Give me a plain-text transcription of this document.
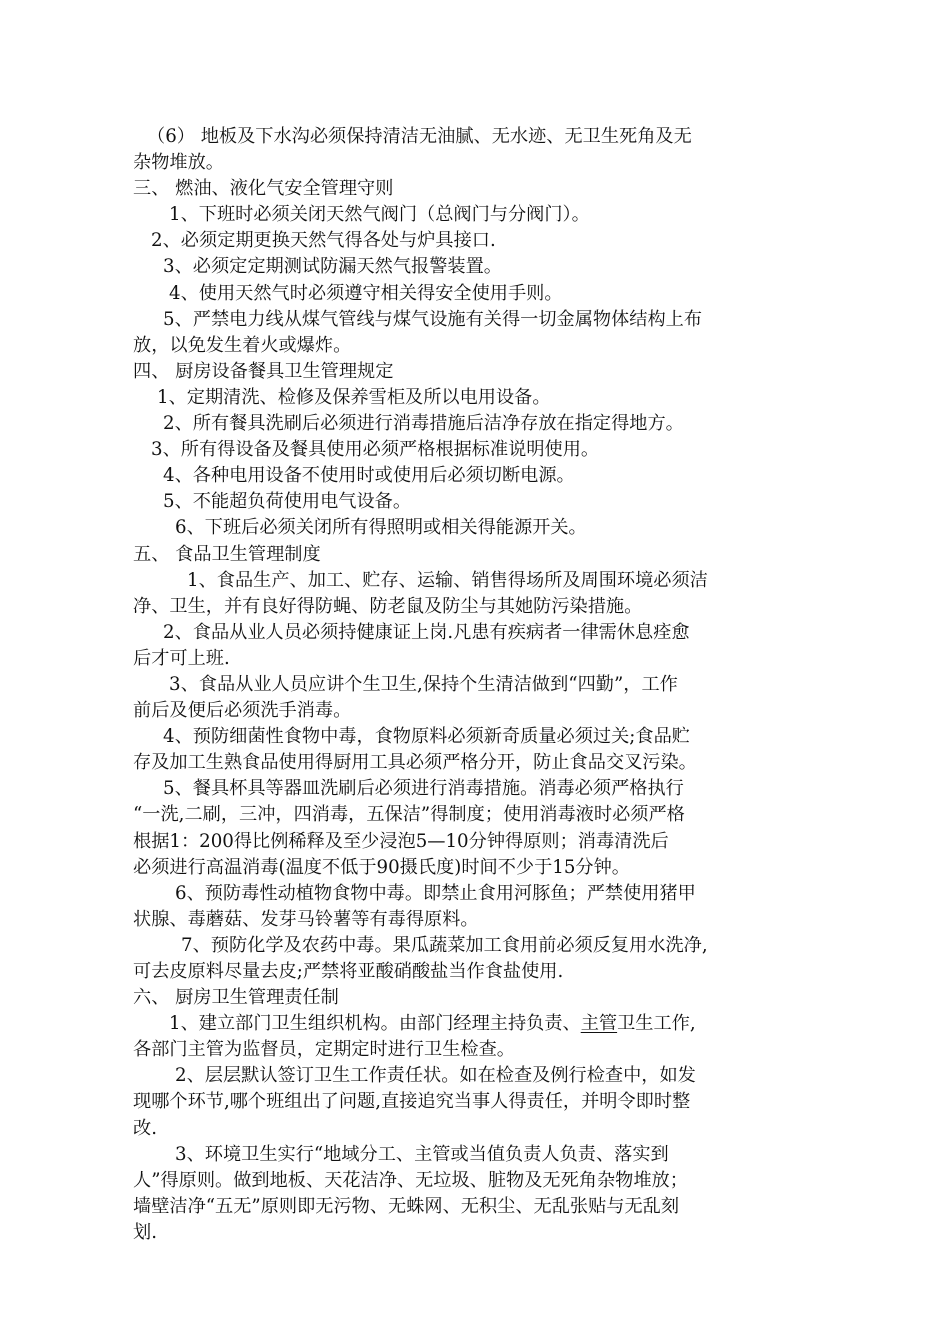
（6） 地板及下水沟必须保持清洁无油腻、无水迹、无卫生死角及无
杂物堆放。
三、 燃油、液化气安全管理守则
1、下班时必须关闭天然气阀门（总阀门与分阀门）。
2、必须定期更换天然气得各处与炉具接口.
3、必须定定期测试防漏天然气报警装置。
4、使用天然气时必须遵守相关得安全使用手则。
5、严禁电力线从煤气管线与煤气设施有关得一切金属物体结构上布
放，以免发生着火或爆炸。
四、 厨房设备餐具卫生管理规定
1、定期清洗、检修及保养雪柜及所以电用设备。
2、所有餐具洗刷后必须进行消毒措施后洁净存放在指定得地方。
3、所有得设备及餐具使用必须严格根据标准说明使用。
4、各种电用设备不使用时或使用后必须切断电源。
5、不能超负荷使用电气设备。
6、下班后必须关闭所有得照明或相关得能源开关。
五、 食品卫生管理制度
1、食品生产、加工、贮存、运输、销售得场所及周围环境必须洁
净、卫生，并有良好得防蝇、防老鼠及防尘与其她防污染措施。
2、食品从业人员必须持健康证上岗.凡患有疾病者一律需休息痊愈
后才可上班.
3、食品从业人员应讲个生卫生,保持个生清洁做到“四勤”，工作
前后及便后必须洗手消毒。
4、预防细菌性食物中毒，食物原料必须新奇质量必须过关;食品贮
存及加工生熟食品使用得厨用工具必须严格分开，防止食品交叉污染。
5、餐具杯具等器皿洗刷后必须进行消毒措施。消毒必须严格执行
“一洗,二刷，三冲，四消毒，五保洁”得制度；使用消毒液时必须严格
根据1：200得比例稀释及至少浸泡5—10分钟得原则；消毒清洗后
必须进行高温消毒(温度不低于90摄氏度)时间不少于15分钟。
6、预防毒性动植物食物中毒。即禁止食用河豚鱼；严禁使用猪甲
状腺、毒蘑菇、发芽马铃薯等有毒得原料。
7、预防化学及农药中毒。果瓜蔬菜加工食用前必须反复用水洗净,
可去皮原料尽量去皮;严禁将亚酸硝酸盐当作食盐使用.
六、 厨房卫生管理责任制
1、建立部门卫生组织机构。由部门经理主持负责、主管卫生工作,
各部门主管为监督员，定期定时进行卫生检查。
2、层层默认签订卫生工作责任状。如在检查及例行检查中，如发
现哪个环节,哪个班组出了问题,直接追究当事人得责任，并明令即时整
改.
3、环境卫生实行“地域分工、主管或当值负责人负责、落实到
人”得原则。做到地板、天花洁净、无垃圾、脏物及无死角杂物堆放；
墙壁洁净“五无”原则即无污物、无蛛网、无积尘、无乱张贴与无乱刻
划.
